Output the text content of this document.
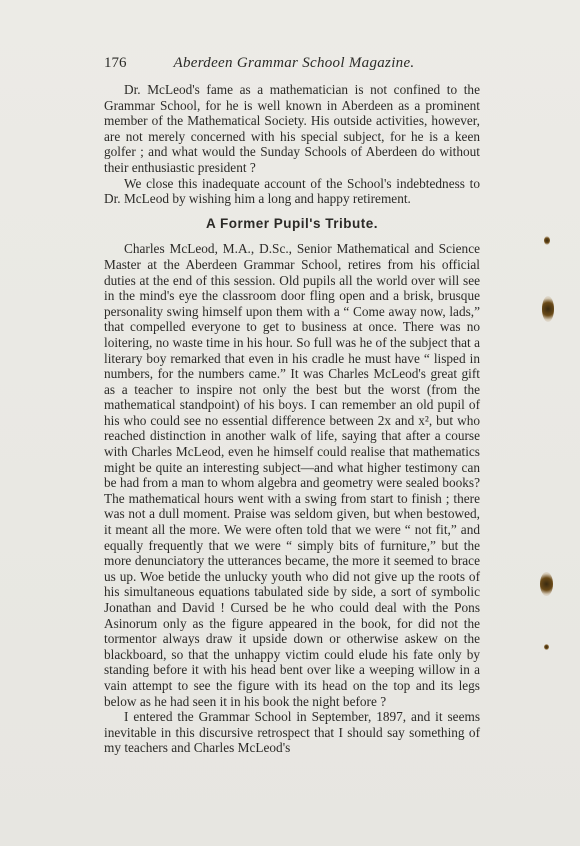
176	Aberdeen Grammar School Magazine.

Dr. McLeod's fame as a mathematician is not confined to the Grammar School, for he is well known in Aberdeen as a prominent member of the Mathematical Society. His outside activities, however, are not merely concerned with his special subject, for he is a keen golfer ; and what would the Sunday Schools of Aberdeen do without their enthusiastic president ?

We close this inadequate account of the School's indebtedness to Dr. McLeod by wishing him a long and happy retirement.

A Former Pupil's Tribute.

Charles McLeod, M.A., D.Sc., Senior Mathematical and Science Master at the Aberdeen Grammar School, retires from his official duties at the end of this session. Old pupils all the world over will see in the mind's eye the classroom door fling open and a brisk, brusque personality swing himself upon them with a “ Come away now, lads,” that compelled everyone to get to business at once. There was no loitering, no waste time in his hour. So full was he of the subject that a literary boy remarked that even in his cradle he must have “ lisped in numbers, for the numbers came.” It was Charles McLeod's great gift as a teacher to inspire not only the best but the worst (from the mathematical standpoint) of his boys. I can remember an old pupil of his who could see no essential difference between 2x and x², but who reached distinction in another walk of life, saying that after a course with Charles McLeod, even he himself could realise that mathematics might be quite an interesting subject—and what higher testimony can be had from a man to whom algebra and geometry were sealed books? The mathematical hours went with a swing from start to finish ; there was not a dull moment. Praise was seldom given, but when bestowed, it meant all the more. We were often told that we were “ not fit,” and equally frequently that we were “ simply bits of furniture,” but the more denunciatory the utterances became, the more it seemed to brace us up. Woe betide the unlucky youth who did not give up the roots of his simultaneous equations tabulated side by side, a sort of symbolic Jonathan and David ! Cursed be he who could deal with the Pons Asinorum only as the figure appeared in the book, for did not the tormentor always draw it upside down or otherwise askew on the blackboard, so that the unhappy victim could elude his fate only by standing before it with his head bent over like a weeping willow in a vain attempt to see the figure with its head on the top and its legs below as he had seen it in his book the night before ?

I entered the Grammar School in September, 1897, and it seems inevitable in this discursive retrospect that I should say something of my teachers and Charles McLeod's
